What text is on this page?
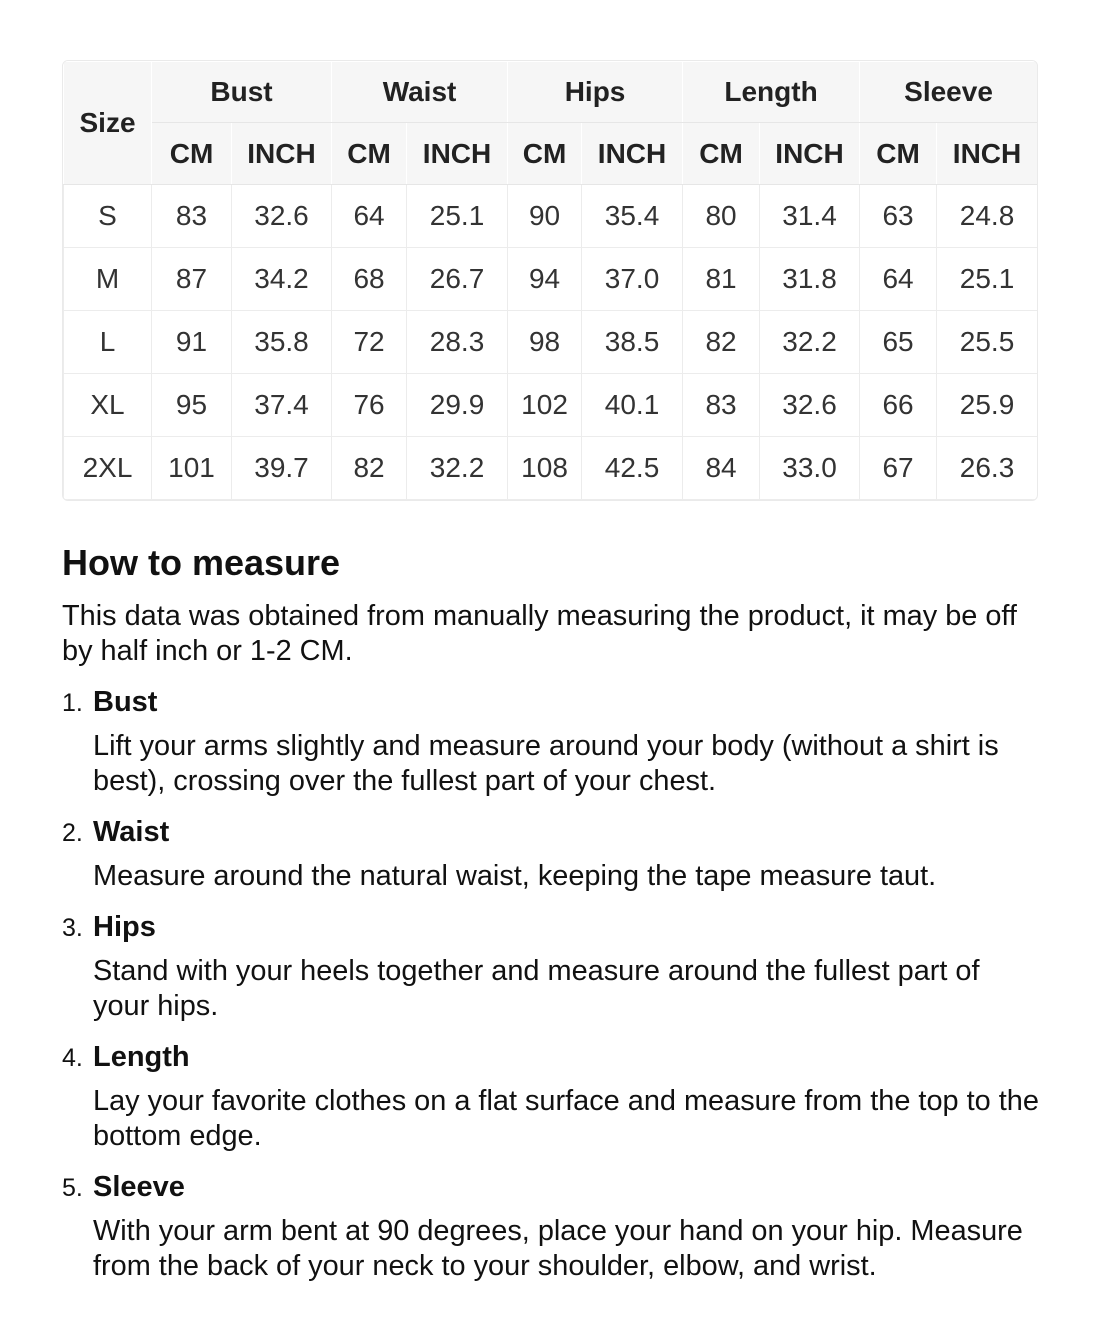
Size	Bust		Waist		Hips		Length		Sleeve	
	CM	INCH	CM	INCH	CM	INCH	CM	INCH	CM	INCH
S	83	32.6	64	25.1	90	35.4	80	31.4	63	24.8
M	87	34.2	68	26.7	94	37.0	81	31.8	64	25.1
L	91	35.8	72	28.3	98	38.5	82	32.2	65	25.5
XL	95	37.4	76	29.9	102	40.1	83	32.6	66	25.9
2XL	101	39.7	82	32.2	108	42.5	84	33.0	67	26.3
How to measure

This data was obtained from manually measuring the product, it may be off by half inch or 1-2 CM.

1. Bust

Lift your arms slightly and measure around your body (without a shirt is best), crossing over the fullest part of your chest.

2. Waist

Measure around the natural waist, keeping the tape measure taut.

3. Hips

Stand with your heels together and measure around the fullest part of your hips.

4. Length

Lay your favorite clothes on a flat surface and measure from the top to the bottom edge.

5. Sleeve

With your arm bent at 90 degrees, place your hand on your hip. Measure from the back of your neck to your shoulder, elbow, and wrist.
